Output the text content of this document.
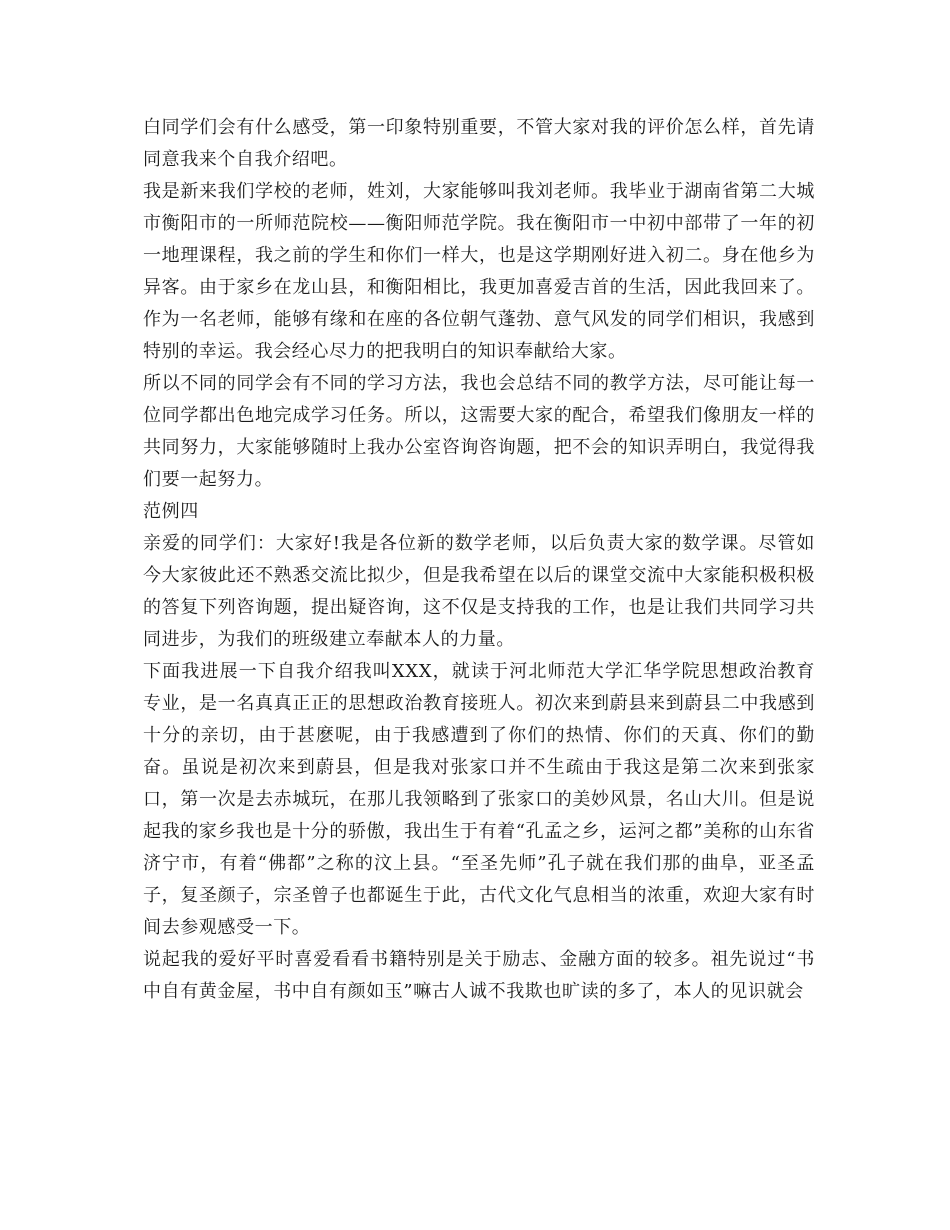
白同学们会有什么感受，第一印象特别重要，不管大家对我的评价怎么样，首先请同意我来个自我介绍吧。

我是新来我们学校的老师，姓刘，大家能够叫我刘老师。我毕业于湖南省第二大城市衡阳市的一所师范院校——衡阳师范学院。我在衡阳市一中初中部带了一年的初一地理课程，我之前的学生和你们一样大，也是这学期刚好进入初二。身在他乡为异客。由于家乡在龙山县，和衡阳相比，我更加喜爱吉首的生活，因此我回来了。作为一名老师，能够有缘和在座的各位朝气蓬勃、意气风发的同学们相识，我感到特别的幸运。我会经心尽力的把我明白的知识奉献给大家。

所以不同的同学会有不同的学习方法，我也会总结不同的教学方法，尽可能让每一位同学都出色地完成学习任务。所以，这需要大家的配合，希望我们像朋友一样的共同努力，大家能够随时上我办公室咨询咨询题，把不会的知识弄明白，我觉得我们要一起努力。

范例四

亲爱的同学们：大家好!我是各位新的数学老师，以后负责大家的数学课。尽管如今大家彼此还不熟悉交流比拟少，但是我希望在以后的课堂交流中大家能积极积极的答复下列咨询题，提出疑咨询，这不仅是支持我的工作，也是让我们共同学习共同进步，为我们的班级建立奉献本人的力量。

下面我进展一下自我介绍我叫XXX，就读于河北师范大学汇华学院思想政治教育专业，是一名真真正正的思想政治教育接班人。初次来到蔚县来到蔚县二中我感到十分的亲切，由于甚麽呢，由于我感遭到了你们的热情、你们的天真、你们的勤奋。虽说是初次来到蔚县，但是我对张家口并不生疏由于我这是第二次来到张家口，第一次是去赤城玩，在那儿我领略到了张家口的美妙风景，名山大川。但是说起我的家乡我也是十分的骄傲，我出生于有着“孔孟之乡，运河之都”美称的山东省济宁市，有着“佛都”之称的汶上县。“至圣先师”孔子就在我们那的曲阜，亚圣孟子，复圣颜子，宗圣曾子也都诞生于此，古代文化气息相当的浓重，欢迎大家有时间去参观感受一下。

说起我的爱好平时喜爱看看书籍特别是关于励志、金融方面的较多。祖先说过“书中自有黄金屋，书中自有颜如玉”嘛古人诚不我欺也旷读的多了，本人的见识就会
